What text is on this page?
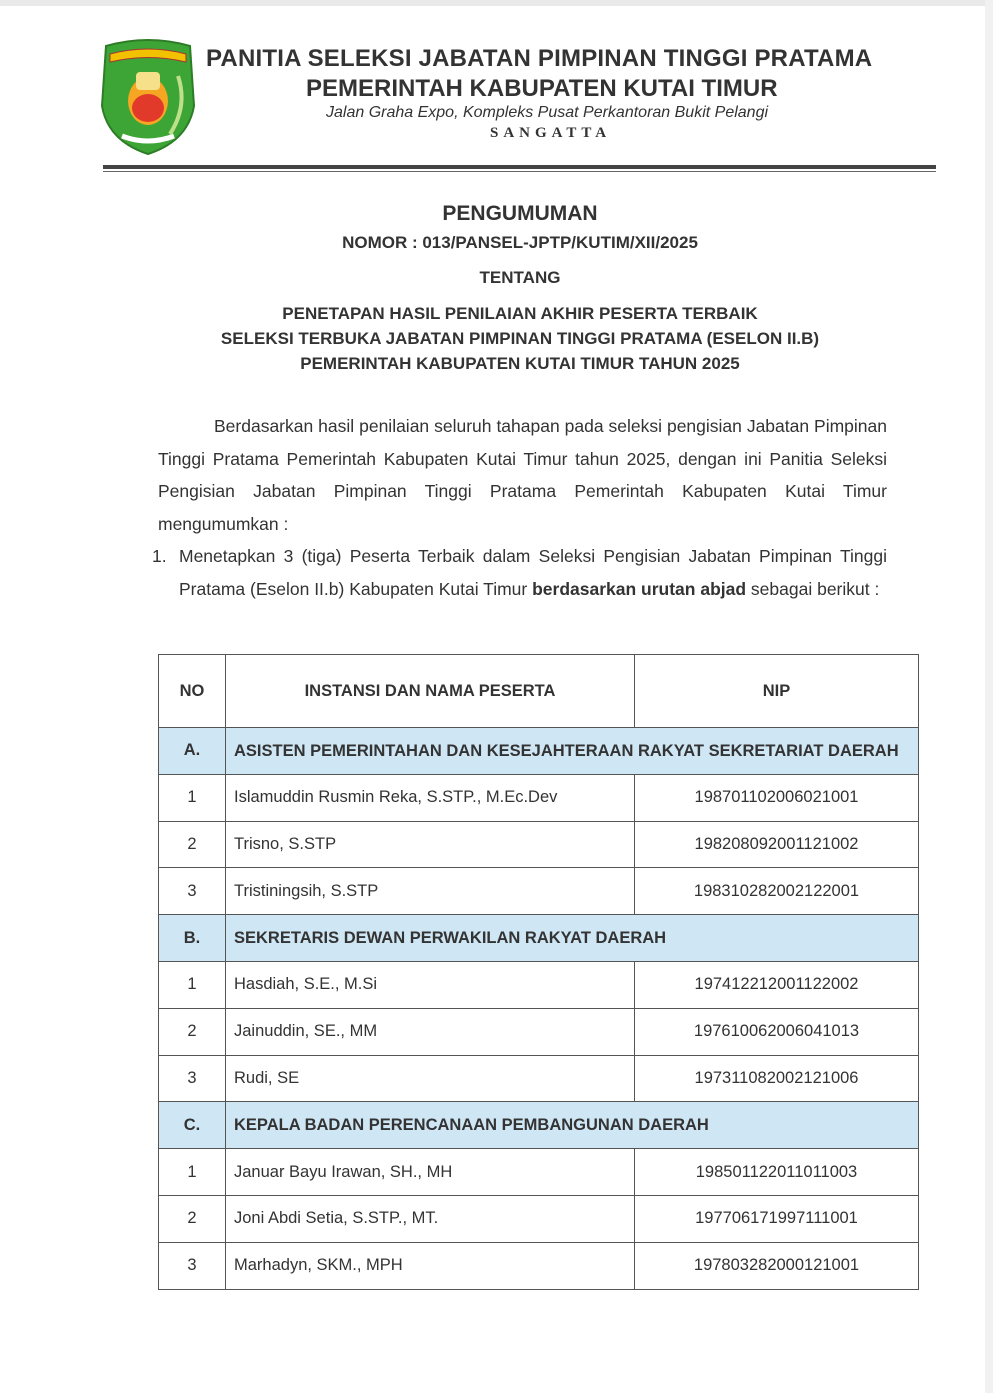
PANITIA SELEKSI JABATAN PIMPINAN TINGGI PRATAMA
PEMERINTAH KABUPATEN KUTAI TIMUR
Jalan Graha Expo, Kompleks Pusat Perkantoran Bukit Pelangi
SANGATTA
PENGUMUMAN
NOMOR : 013/PANSEL-JPTP/KUTIM/XII/2025
TENTANG
PENETAPAN HASIL PENILAIAN AKHIR PESERTA TERBAIK
SELEKSI TERBUKA JABATAN PIMPINAN TINGGI PRATAMA (ESELON II.B)
PEMERINTAH KABUPATEN KUTAI TIMUR TAHUN 2025
Berdasarkan hasil penilaian seluruh tahapan pada seleksi pengisian Jabatan Pimpinan Tinggi Pratama Pemerintah Kabupaten Kutai Timur tahun 2025, dengan ini Panitia Seleksi Pengisian Jabatan Pimpinan Tinggi Pratama Pemerintah Kabupaten Kutai Timur mengumumkan :
1. Menetapkan 3 (tiga) Peserta Terbaik dalam Seleksi Pengisian Jabatan Pimpinan Tinggi Pratama (Eselon II.b) Kabupaten Kutai Timur berdasarkan urutan abjad sebagai berikut :
NO	INSTANSI DAN NAMA PESERTA	NIP
A.	ASISTEN PEMERINTAHAN DAN KESEJAHTERAAN RAKYAT SEKRETARIAT DAERAH	
1	Islamuddin Rusmin Reka, S.STP., M.Ec.Dev	198701102006021001
2	Trisno, S.STP	198208092001121002
3	Tristiningsih, S.STP	198310282002122001
B.	SEKRETARIS DEWAN PERWAKILAN RAKYAT DAERAH	
1	Hasdiah, S.E., M.Si	197412212001122002
2	Jainuddin, SE., MM	197610062006041013
3	Rudi, SE	197311082002121006
C.	KEPALA BADAN PERENCANAAN PEMBANGUNAN DAERAH	
1	Januar Bayu Irawan, SH., MH	198501122011011003
2	Joni Abdi Setia, S.STP., MT.	197706171997111001
3	Marhadyn, SKM., MPH	197803282000121001
